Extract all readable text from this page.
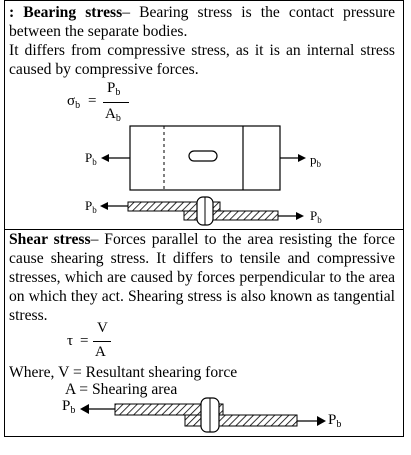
: Bearing stress– Bearing stress is the contact pressure between the separate bodies.
It differs from compressive stress, as it is an internal stress caused by compressive forces.

$\sigma_b$ =
$P_b$
$A_b$
$P_b$	$p_b$
$P_b$	$P_b$

Shear stress– Forces parallel to the area resisting the force cause shearing stress. It differs to tensile and compressive stresses, which are caused by forces perpendicular to the area on which they act. Shearing stress is also known as tangential stress.

τ =
V
A
Where, V = Resultant shearing force
A = Shearing area
$P_b$
$P_b$
